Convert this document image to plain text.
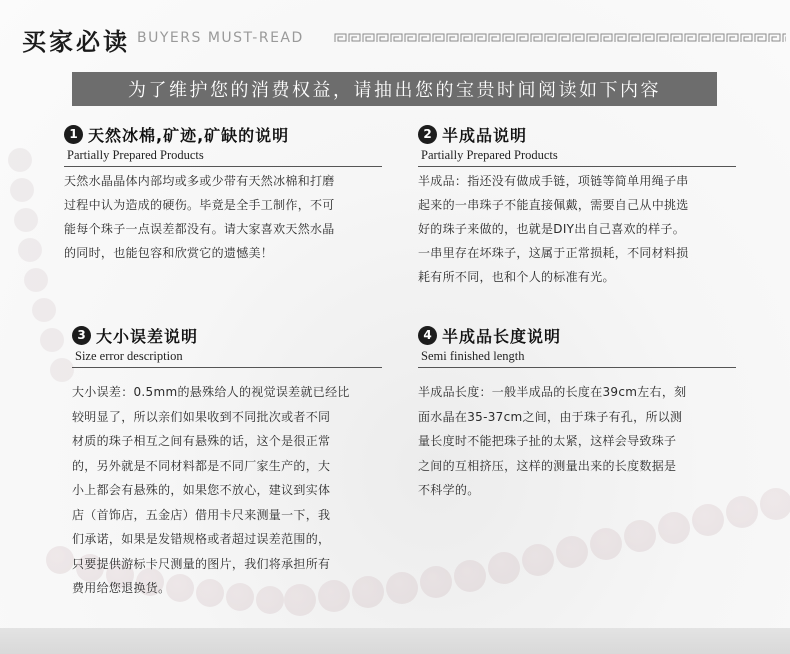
买家必读 BUYERS MUST-READ
为了维护您的消费权益，请抽出您的宝贵时间阅读如下内容
1 天然冰棉,矿迹,矿缺的说明
Partially Prepared Products
天然水晶晶体内部均或多或少带有天然冰棉和打磨
过程中认为造成的硬伤。毕竟是全手工制作，不可
能每个珠子一点误差都没有。请大家喜欢天然水晶
的同时，也能包容和欣赏它的遗憾美！
2 半成品说明
Partially Prepared Products
半成品：指还没有做成手链，项链等简单用绳子串
起来的一串珠子不能直接佩戴，需要自己从中挑选
好的珠子来做的，也就是DIY出自己喜欢的样子。
一串里存在坏珠子，这属于正常损耗，不同材料损
耗有所不同，也和个人的标准有光。
3 大小误差说明
Size error description
大小误差：0.5mm的悬殊给人的视觉误差就已经比
较明显了，所以亲们如果收到不同批次或者不同
材质的珠子相互之间有悬殊的话，这个是很正常
的，另外就是不同材料都是不同厂家生产的，大
小上都会有悬殊的，如果您不放心，建议到实体
店（首饰店，五金店）借用卡尺来测量一下，我
们承诺，如果是发错规格或者超过误差范围的，
只要提供游标卡尺测量的图片，我们将承担所有
费用给您退换货。
4 半成品长度说明
Semi finished length
半成品长度：一般半成品的长度在39cm左右，刻
面水晶在35-37cm之间，由于珠子有孔，所以测
量长度时不能把珠子扯的太紧，这样会导致珠子
之间的互相挤压，这样的测量出来的长度数据是
不科学的。
